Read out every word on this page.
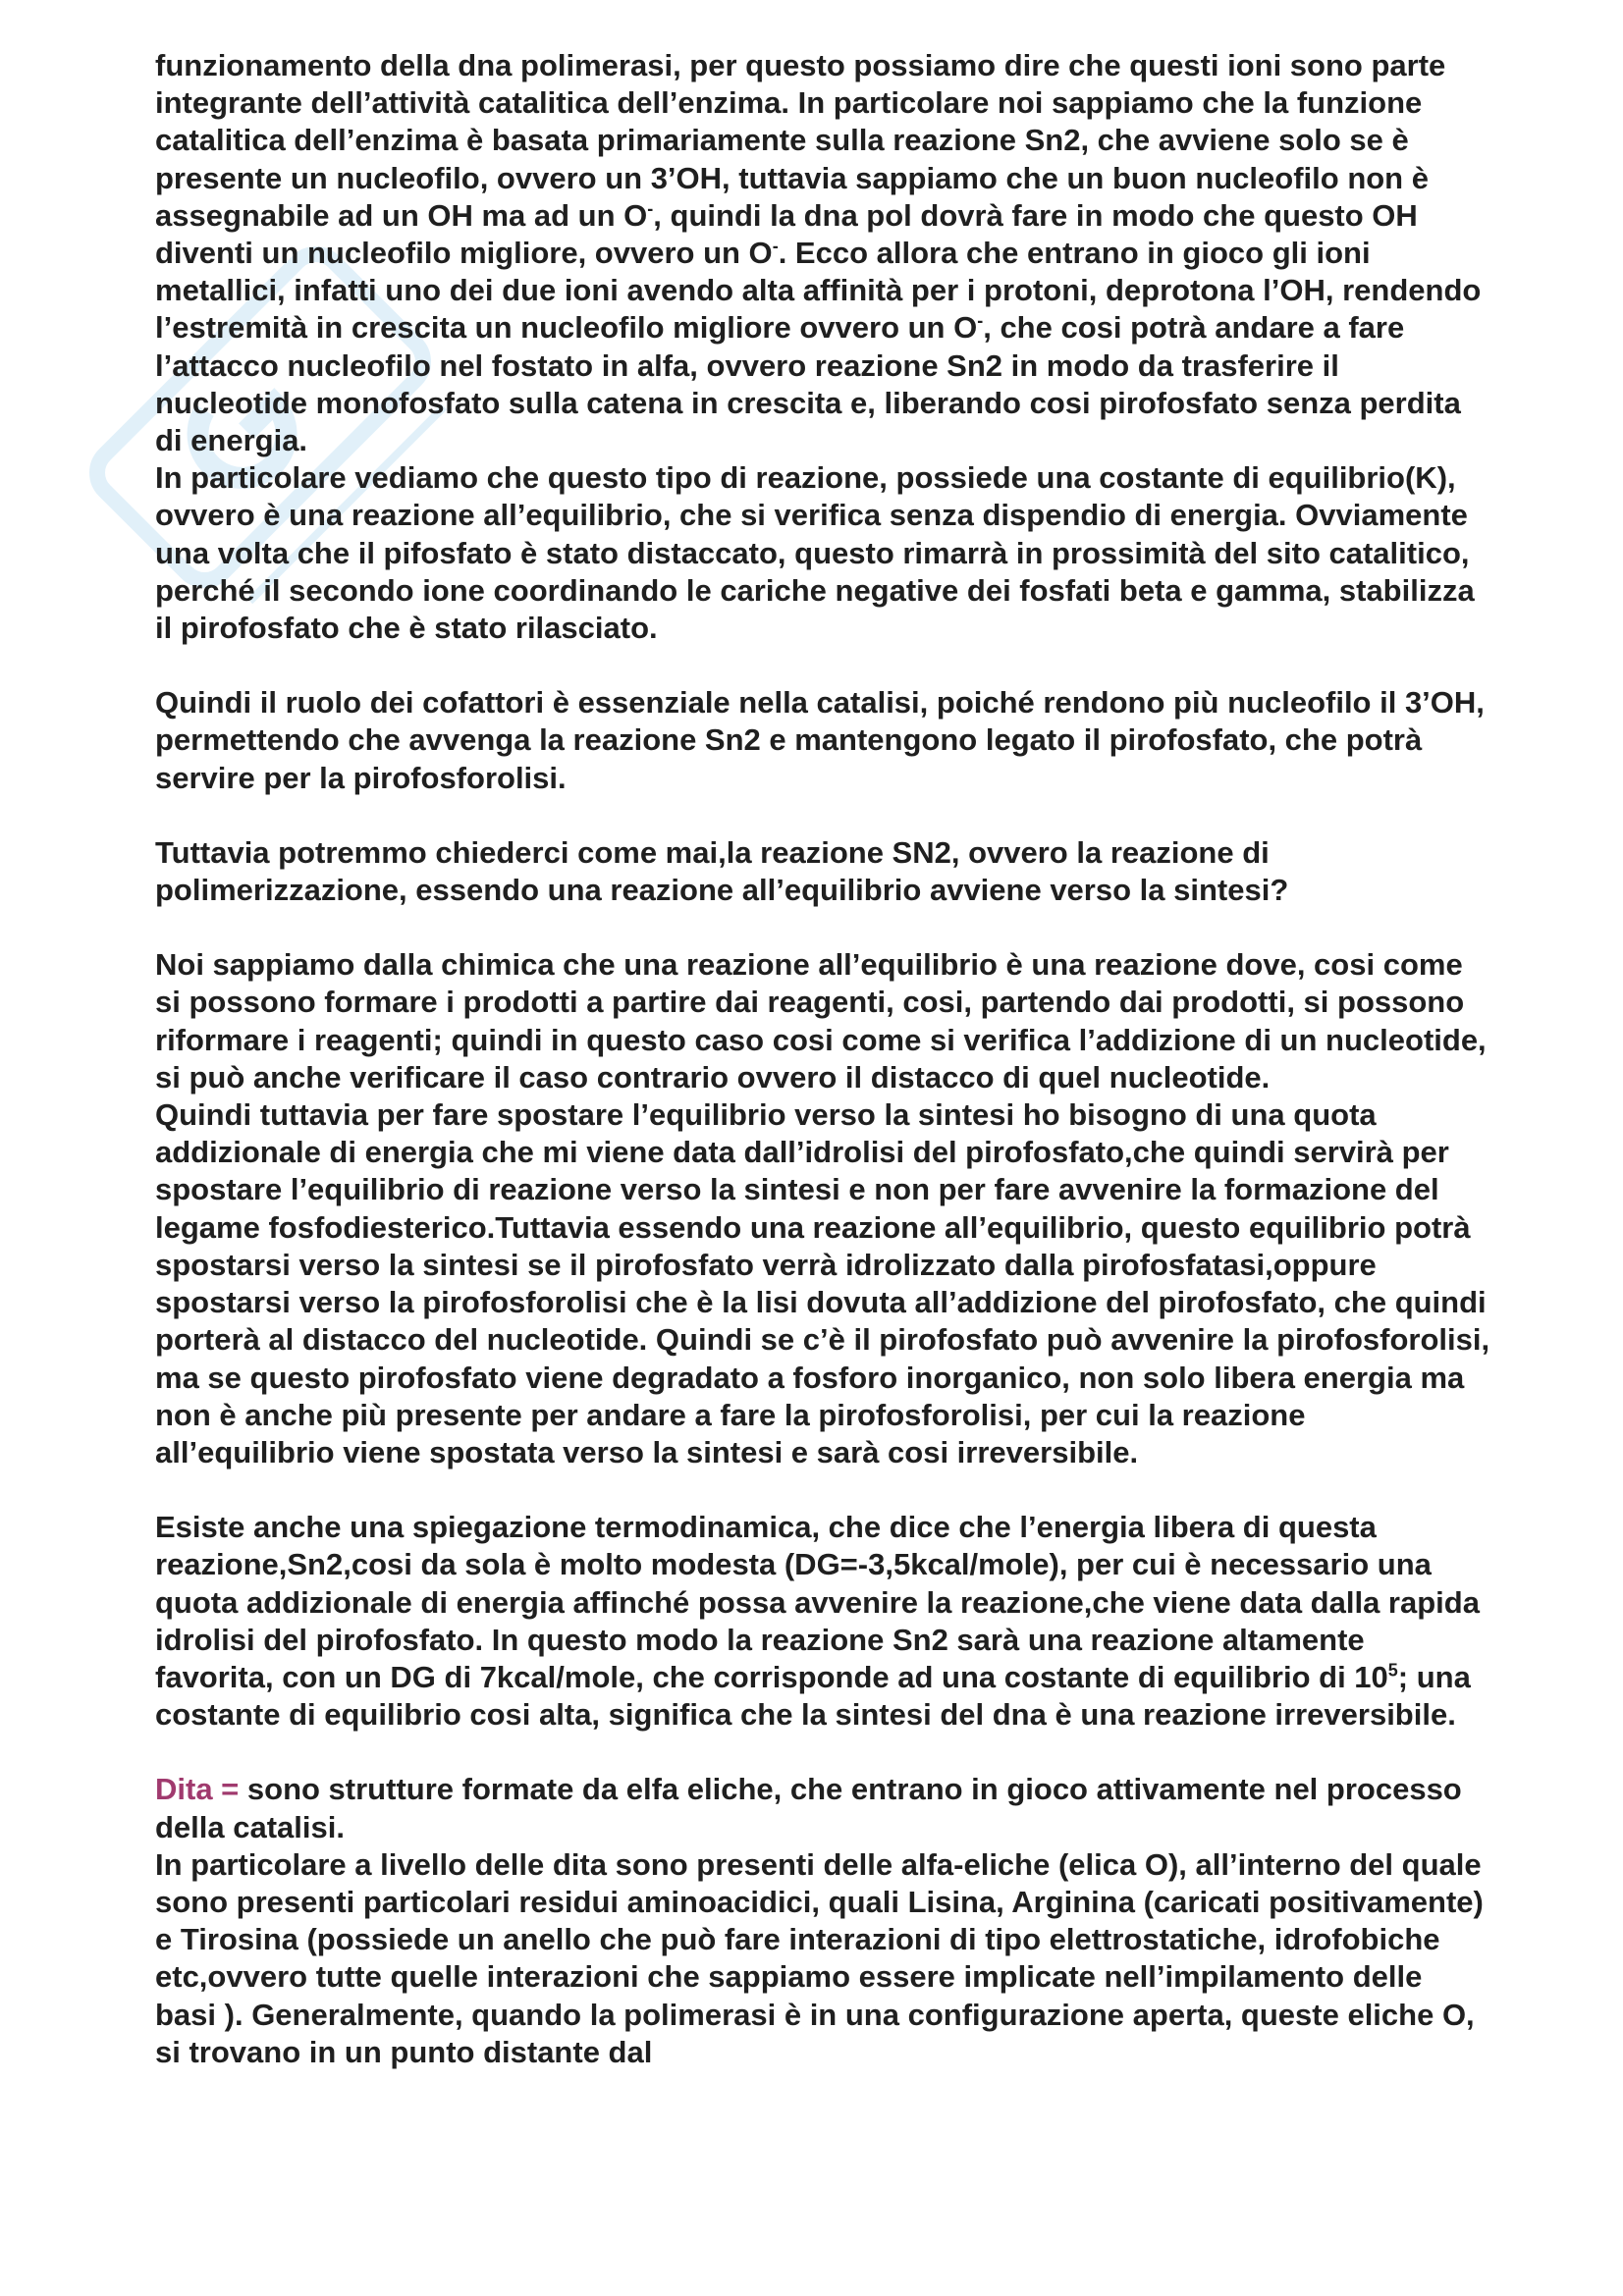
funzionamento della dna polimerasi, per questo possiamo dire che questi ioni sono parte integrante dell’attività catalitica dell’enzima. In particolare noi sappiamo che la funzione catalitica dell’enzima è basata primariamente sulla reazione Sn2, che avviene solo se è presente un nucleofilo, ovvero un 3’OH, tuttavia sappiamo che un buon nucleofilo non è assegnabile ad un OH ma ad un O-, quindi la dna pol dovrà fare in modo che questo OH diventi un nucleofilo migliore, ovvero un O-. Ecco allora che entrano in gioco gli ioni metallici, infatti uno dei due ioni avendo alta affinità per i protoni, deprotona l’OH, rendendo l’estremità in crescita un nucleofilo migliore ovvero un O-, che cosi potrà andare a fare l’attacco nucleofilo nel fostato in alfa, ovvero reazione Sn2 in modo da trasferire il nucleotide monofosfato sulla catena in crescita e, liberando cosi pirofosfato senza perdita di energia.

In particolare vediamo che questo tipo di reazione, possiede una costante di equilibrio(K), ovvero è una reazione all’equilibrio, che si verifica senza dispendio di energia. Ovviamente una volta che il pifosfato è stato distaccato, questo rimarrà in prossimità del sito catalitico, perché il secondo ione coordinando le cariche negative dei fosfati beta e gamma, stabilizza il pirofosfato che è stato rilasciato.

Quindi il ruolo dei cofattori è essenziale nella catalisi, poiché rendono più nucleofilo il 3’OH, permettendo che avvenga la reazione Sn2 e mantengono legato il pirofosfato, che potrà servire per la pirofosforolisi.

Tuttavia potremmo chiederci come mai,la reazione SN2, ovvero la reazione di polimerizzazione, essendo una reazione all’equilibrio avviene verso la sintesi?

Noi sappiamo dalla chimica che una reazione all’equilibrio è una reazione dove, cosi come si possono formare i prodotti a partire dai reagenti, cosi, partendo dai prodotti, si possono riformare i reagenti; quindi in questo caso cosi come si verifica l’addizione di un nucleotide, si può anche verificare il caso contrario ovvero il distacco di quel nucleotide.

Quindi tuttavia per fare spostare l’equilibrio verso la sintesi ho bisogno di una quota addizionale di energia che mi viene data dall’idrolisi del pirofosfato,che quindi servirà per spostare l’equilibrio di reazione verso la sintesi e non per fare avvenire la formazione del legame fosfodiesterico.Tuttavia essendo una reazione all’equilibrio, questo equilibrio potrà spostarsi verso la sintesi se il pirofosfato verrà idrolizzato dalla pirofosfatasi,oppure spostarsi verso la pirofosforolisi che è la lisi dovuta all’addizione del pirofosfato, che quindi porterà al distacco del nucleotide. Quindi se c’è il pirofosfato può avvenire la pirofosforolisi, ma se questo pirofosfato viene degradato a fosforo inorganico, non solo libera energia ma non è anche più presente per andare a fare la pirofosforolisi, per cui la reazione all’equilibrio viene spostata verso la sintesi e sarà cosi irreversibile.

Esiste anche una spiegazione termodinamica, che dice che l’energia libera di questa reazione,Sn2,cosi da sola è molto modesta (DG=-3,5kcal/mole), per cui è necessario una quota addizionale di energia affinché possa avvenire la reazione,che viene data dalla rapida idrolisi del pirofosfato. In questo modo la reazione Sn2 sarà una reazione altamente favorita, con un DG di 7kcal/mole, che corrisponde ad una costante di equilibrio di $10^5$; una costante di equilibrio cosi alta, significa che la sintesi del dna è una reazione irreversibile.

Dita = sono strutture formate da elfa eliche, che entrano in gioco attivamente nel processo della catalisi.

In particolare a livello delle dita sono presenti delle alfa-eliche (elica O), all’interno del quale sono presenti particolari residui aminoacidici, quali Lisina, Arginina (caricati positivamente) e Tirosina (possiede un anello che può fare interazioni di tipo elettrostatiche, idrofobiche etc,ovvero tutte quelle interazioni che sappiamo essere implicate nell’impilamento delle basi ). Generalmente, quando la polimerasi è in una configurazione aperta, queste eliche O, si trovano in un punto distante dal
